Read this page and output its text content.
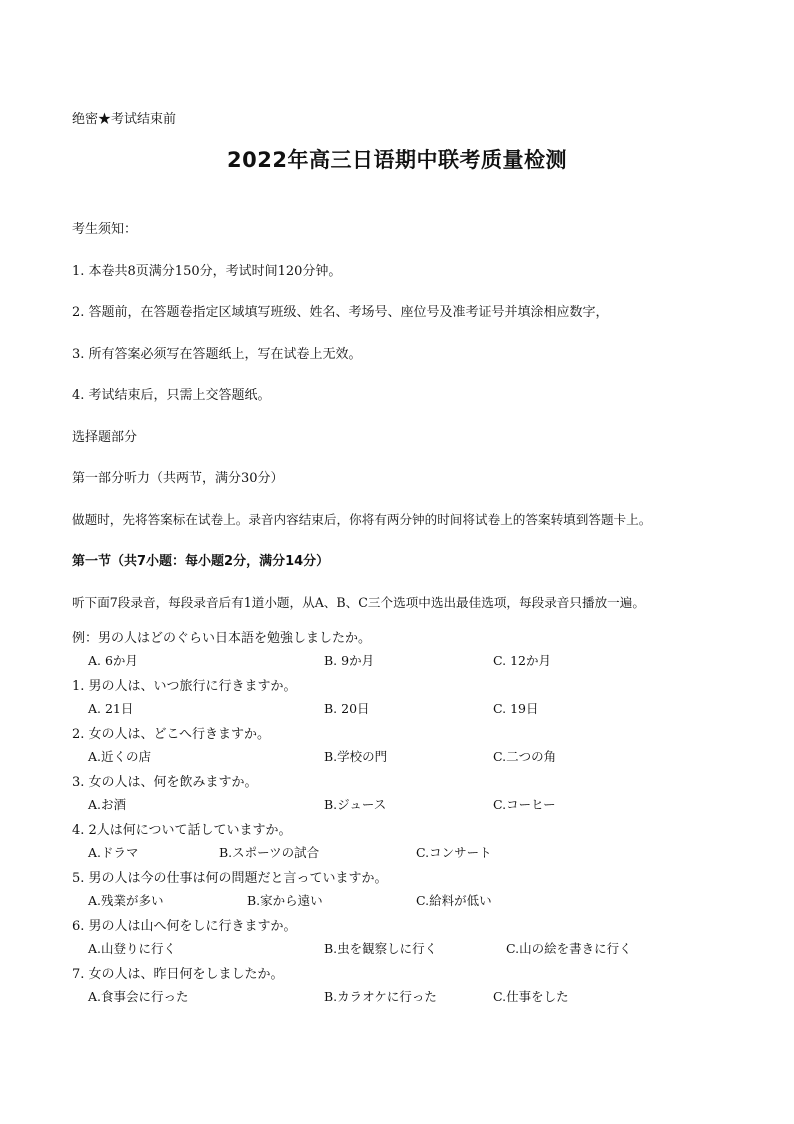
绝密★考试结束前
2022年高三日语期中联考质量检测
考生须知：
1. 本卷共8页满分150分，考试时间120分钟。
2. 答题前，在答题卷指定区域填写班级、姓名、考场号、座位号及准考证号并填涂相应数字，
3. 所有答案必须写在答题纸上，写在试卷上无效。
4. 考试结束后，只需上交答题纸。
选择题部分
第一部分听力（共两节，满分30分）
做题时，先将答案标在试卷上。录音内容结束后，你将有两分钟的时间将试卷上的答案转填到答题卡上。
第一节（共7小题：每小题2分，满分14分）
听下面7段录音，每段录音后有1道小题，从A、B、C三个选项中选出最佳选项，每段录音只播放一遍。
例：男の人はどのぐらい日本語を勉強しましたか。
A. 6か月	B. 9か月	C. 12か月
1. 男の人は、いつ旅行に行きますか。
A. 21日	B. 20日	C. 19日
2. 女の人は、どこへ行きますか。
A.近くの店	B.学校の門	C.二つの角
3. 女の人は、何を飲みますか。
A.お酒	B.ジュース	C.コーヒー
4. 2人は何について話していますか。
A.ドラマ	B.スポーツの試合	C.コンサート
5. 男の人は今の仕事は何の問題だと言っていますか。
A.残業が多い	B.家から遠い	C.給料が低い
6. 男の人は山へ何をしに行きますか。
A.山登りに行く	B.虫を観察しに行く	C.山の絵を書きに行く
7. 女の人は、昨日何をしましたか。
A.食事会に行った	B.カラオケに行った	C.仕事をした
